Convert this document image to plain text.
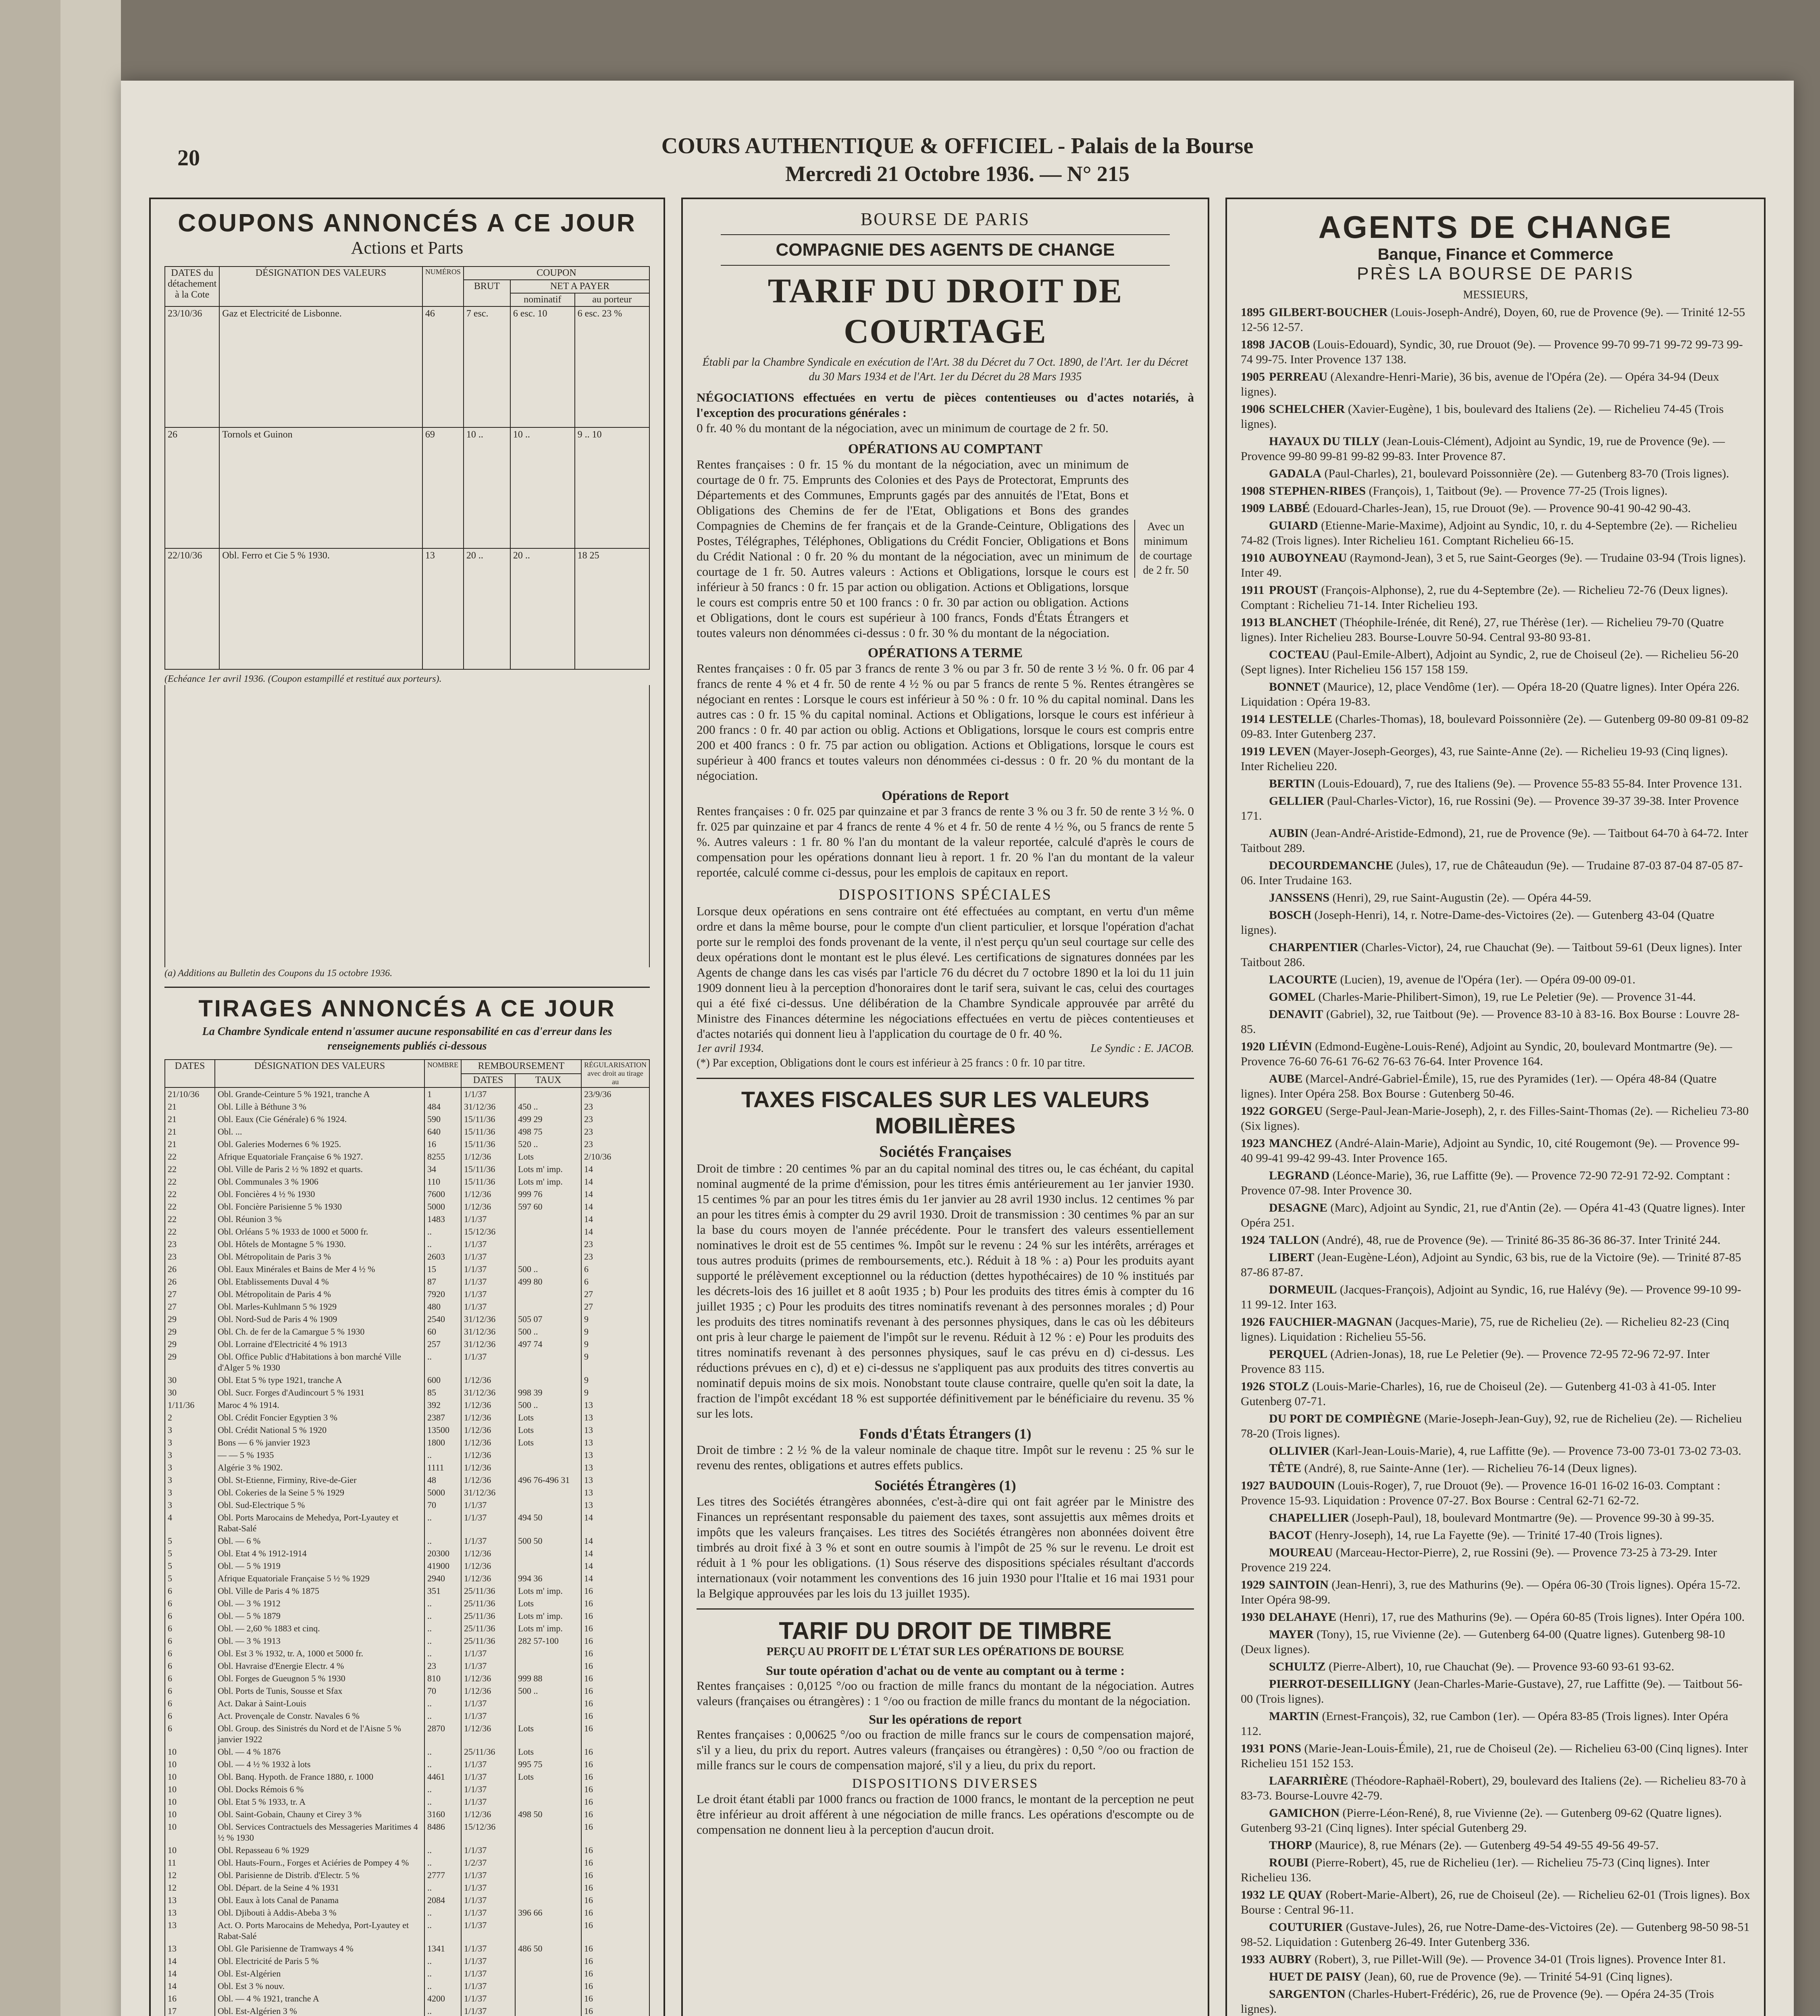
20	COURS AUTHENTIQUE & OFFICIEL - Palais de la Bourse
Mercredi 21 Octobre 1936. — N° 215
COUPONS ANNONCÉS A CE JOUR
Actions et Parts
DATES du détachement à la Cote	DÉSIGNATION DES VALEURS	NUMÉROS	COUPON		
			BRUT	NET A PAYER	
				nominatif	au porteur
23/10/36	Gaz et Electricité de Lisbonne.	46	7 esc.	6 esc. 10	6 esc. 23 %
26	Tornols et Guinon	69	10 ..	10 ..	9 .. 10
22/10/36	Obl. Ferro et Cie 5 % 1930.	13	20 ..	20 ..	18 25
(Echéance 1er avril 1936. (Coupon estampillé et restitué aux porteurs).
(a) Additions au Bulletin des Coupons du 15 octobre 1936.
TIRAGES ANNONCÉS A CE JOUR
La Chambre Syndicale entend n'assumer aucune responsabilité en cas d'erreur dans les renseignements publiés ci-dessous
DATES	DÉSIGNATION DES VALEURS	NOMBRE	REMBOURSEMENT		RÉGULARISATION avec droit au tirage au
			DATES	TAUX	
21/10/36	Obl. Grande-Ceinture 5 % 1921, tranche A	1	1/1/37		23/9/36
21	Obl. Lille à Béthune 3 %	484	31/12/36	450 ..	23
21	Obl. Eaux (Cie Générale) 6 % 1924.	590	15/11/36	499 29	23
21	Obl. ...	640	15/11/36	498 75	23
21	Obl. Galeries Modernes 6 % 1925.	16	15/11/36	520 ..	23
22	Afrique Equatoriale Française 6 % 1927.	8255	1/12/36	Lots	2/10/36
22	Obl. Ville de Paris 2 ½ % 1892 et quarts.	34	15/11/36	Lots m' imp.	14
22	Obl. Communales 3 % 1906	110	15/11/36	Lots m' imp.	14
22	Obl. Foncières 4 ½ % 1930	7600	1/12/36	999 76	14
22	Obl. Foncière Parisienne 5 % 1930	5000	1/12/36	597 60	14
22	Obl. Réunion 3 %	1483	1/1/37		14
22	Obl. Orléans 5 % 1933 de 1000 et 5000 fr.	..	15/12/36		14
23	Obl. Hôtels de Montagne 5 % 1930.	..	1/1/37		23
23	Obl. Métropolitain de Paris 3 %	2603	1/1/37		23
26	Obl. Eaux Minérales et Bains de Mer 4 ½ %	15	1/1/37	500 ..	6
26	Obl. Etablissements Duval 4 %	87	1/1/37	499 80	6
27	Obl. Métropolitain de Paris 4 %	7920	1/1/37		27
27	Obl. Marles-Kuhlmann 5 % 1929	480	1/1/37		27
29	Obl. Nord-Sud de Paris 4 % 1909	2540	31/12/36	505 07	9
29	Obl. Ch. de fer de la Camargue 5 % 1930	60	31/12/36	500 ..	9
29	Obl. Lorraine d'Electricité 4 % 1913	257	31/12/36	497 74	9
29	Obl. Office Public d'Habitations à bon marché Ville d'Alger 5 % 1930	..	1/1/37		9
30	Obl. Etat 5 % type 1921, tranche A	600	1/12/36		9
30	Obl. Sucr. Forges d'Audincourt 5 % 1931	85	31/12/36	998 39	9
1/11/36	Maroc 4 % 1914.	392	1/12/36	500 ..	13
2	Obl. Crédit Foncier Egyptien 3 %	2387	1/12/36	Lots	13
3	Obl. Crédit National 5 % 1920	13500	1/12/36	Lots	13
3	Bons — 6 % janvier 1923	1800	1/12/36	Lots	13
3	— — 5 % 1935	..	1/12/36		13
3	Algérie 3 % 1902.	1111	1/12/36		13
3	Obl. St-Etienne, Firminy, Rive-de-Gier	48	1/12/36	496 76-496 31	13
3	Obl. Cokeries de la Seine 5 % 1929	5000	31/12/36		13
3	Obl. Sud-Electrique 5 %	70	1/1/37		13
4	Obl. Ports Marocains de Mehedya, Port-Lyautey et Rabat-Salé	..	1/1/37	494 50	14
5	Obl. — 6 %	..	1/1/37	500 50	14
5	Obl. Etat 4 % 1912-1914	20300	1/12/36		14
5	Obl. — 5 % 1919	41900	1/12/36		14
5	Afrique Equatoriale Française 5 ½ % 1929	2940	1/12/36	994 36	14
6	Obl. Ville de Paris 4 % 1875	351	25/11/36	Lots m' imp.	16
6	Obl. — 3 % 1912	..	25/11/36	Lots	16
6	Obl. — 5 % 1879	..	25/11/36	Lots m' imp.	16
6	Obl. — 2,60 % 1883 et cinq.	..	25/11/36	Lots m' imp.	16
6	Obl. — 3 % 1913	..	25/11/36	282 57-100	16
6	Obl. Est 3 % 1932, tr. A, 1000 et 5000 fr.	..	1/1/37		16
6	Obl. Havraise d'Energie Electr. 4 %	23	1/1/37		16
6	Obl. Forges de Gueugnon 5 % 1930	810	1/12/36	999 88	16
6	Obl. Ports de Tunis, Sousse et Sfax	70	1/12/36	500 ..	16
6	Act. Dakar à Saint-Louis	..	1/1/37		16
6	Act. Provençale de Constr. Navales 6 %	..	1/1/37		16
6	Obl. Group. des Sinistrés du Nord et de l'Aisne 5 % janvier 1922	2870	1/12/36	Lots	16
10	Obl. — 4 % 1876	..	25/11/36	Lots	16
10	Obl. — 4 ½ % 1932 à lots	..	1/1/37	995 75	16
10	Obl. Banq. Hypoth. de France 1880, r. 1000	4461	1/1/37	Lots	16
10	Obl. Docks Rémois 6 %	..	1/1/37		16
10	Obl. Etat 5 % 1933, tr. A	..	1/1/37		16
10	Obl. Saint-Gobain, Chauny et Cirey 3 %	3160	1/12/36	498 50	16
10	Obl. Services Contractuels des Messageries Maritimes 4 ½ % 1930	8486	15/12/36		16
10	Obl. Repasseau 6 % 1929	..	1/1/37		16
11	Obl. Hauts-Fourn., Forges et Aciéries de Pompey 4 %	..	1/2/37		16
12	Obl. Parisienne de Distrib. d'Electr. 5 %	2777	1/1/37		16
12	Obl. Départ. de la Seine 4 % 1931	..	1/1/37		16
13	Obl. Eaux à lots Canal de Panama	2084	1/1/37		16
13	Obl. Djibouti à Addis-Abeba 3 %	..	1/1/37	396 66	16
13	Act. O. Ports Marocains de Mehedya, Port-Lyautey et Rabat-Salé	..	1/1/37		16
13	Obl. Gle Parisienne de Tramways 4 %	1341	1/1/37	486 50	16
14	Obl. Electricité de Paris 5 %	..	1/1/37		16
14	Obl. Est-Algérien	..	1/1/37		16
14	Obl. Est 3 % nouv.	..	1/1/37		16
16	Obl. — 4 % 1921, tranche A	4200	1/1/37		16
17	Obl. Est-Algérien 3 %	..	1/1/37		16

BOURSE DE PARIS
COMPAGNIE DES AGENTS DE CHANGE
TARIF DU DROIT DE COURTAGE
Établi par la Chambre Syndicale en exécution de l'Art. 38 du Décret du 7 Oct. 1890, de l'Art. 1er du Décret du 30 Mars 1934 et de l'Art. 1er du Décret du 28 Mars 1935
NÉGOCIATIONS effectuées en vertu de pièces contentieuses ou d'actes notariés, à l'exception des procurations générales :
0 fr. 40 % du montant de la négociation, avec un minimum de courtage de 2 fr. 50.
OPÉRATIONS AU COMPTANT
Rentes françaises : 0 fr. 15 % du montant de la négociation, avec un minimum de courtage de 0 fr. 75. Emprunts des Colonies et des Pays de Protectorat, Emprunts des Départements et des Communes, Emprunts gagés par des annuités de l'Etat, Bons et Obligations des Chemins de fer de l'Etat, Obligations et Bons des grandes Compagnies de Chemins de fer français et de la Grande-Ceinture, Obligations des Postes, Télégraphes, Téléphones, Obligations du Crédit Foncier, Obligations et Bons du Crédit National : 0 fr. 20 % du montant de la négociation, avec un minimum de courtage de 1 fr. 50. Autres valeurs : Actions et Obligations, lorsque le cours est inférieur à 50 francs : 0 fr. 15 par action ou obligation. Actions et Obligations, lorsque le cours est compris entre 50 et 100 francs : 0 fr. 30 par action ou obligation. Actions et Obligations, dont le cours est supérieur à 100 francs, Fonds d'États Étrangers et toutes valeurs non dénommées ci-dessus : 0 fr. 30 % du montant de la négociation.
Avec un minimum de courtage de 2 fr. 50
OPÉRATIONS A TERME
Rentes françaises : 0 fr. 05 par 3 francs de rente 3 % ou par 3 fr. 50 de rente 3 ½ %. 0 fr. 06 par 4 francs de rente 4 % et 4 fr. 50 de rente 4 ½ % ou par 5 francs de rente 5 %. Rentes étrangères se négociant en rentes : Lorsque le cours est inférieur à 50 % : 0 fr. 10 % du capital nominal. Dans les autres cas : 0 fr. 15 % du capital nominal. Actions et Obligations, lorsque le cours est inférieur à 200 francs : 0 fr. 40 par action ou oblig. Actions et Obligations, lorsque le cours est compris entre 200 et 400 francs : 0 fr. 75 par action ou obligation. Actions et Obligations, lorsque le cours est supérieur à 400 francs et toutes valeurs non dénommées ci-dessus : 0 fr. 20 % du montant de la négociation.
Opérations de Report
Rentes françaises : 0 fr. 025 par quinzaine et par 3 francs de rente 3 % ou 3 fr. 50 de rente 3 ½ %. 0 fr. 025 par quinzaine et par 4 francs de rente 4 % et 4 fr. 50 de rente 4 ½ %, ou 5 francs de rente 5 %. Autres valeurs : 1 fr. 80 % l'an du montant de la valeur reportée, calculé d'après le cours de compensation pour les opérations donnant lieu à report. 1 fr. 20 % l'an du montant de la valeur reportée, calculé comme ci-dessus, pour les emplois de capitaux en report.
DISPOSITIONS SPÉCIALES
Lorsque deux opérations en sens contraire ont été effectuées au comptant, en vertu d'un même ordre et dans la même bourse, pour le compte d'un client particulier, et lorsque l'opération d'achat porte sur le remploi des fonds provenant de la vente, il n'est perçu qu'un seul courtage sur celle des deux opérations dont le montant est le plus élevé. Les certifications de signatures données par les Agents de change dans les cas visés par l'article 76 du décret du 7 octobre 1890 et la loi du 11 juin 1909 donnent lieu à la perception d'honoraires dont le tarif sera, suivant le cas, celui des courtages qui a été fixé ci-dessus. Une délibération de la Chambre Syndicale approuvée par arrêté du Ministre des Finances détermine les négociations effectuées en vertu de pièces contentieuses et d'actes notariés qui donnent lieu à l'application du courtage de 0 fr. 40 %.
1er avril 1934.	Le Syndic : E. JACOB.
(*) Par exception, Obligations dont le cours est inférieur à 25 francs : 0 fr. 10 par titre.
TAXES FISCALES SUR LES VALEURS MOBILIÈRES
Sociétés Françaises
Droit de timbre : 20 centimes % par an du capital nominal des titres ou, le cas échéant, du capital nominal augmenté de la prime d'émission, pour les titres émis antérieurement au 1er janvier 1930. 15 centimes % par an pour les titres émis du 1er janvier au 28 avril 1930 inclus. 12 centimes % par an pour les titres émis à compter du 29 avril 1930. Droit de transmission : 30 centimes % par an sur la base du cours moyen de l'année précédente. Pour le transfert des valeurs essentiellement nominatives le droit est de 55 centimes %. Impôt sur le revenu : 24 % sur les intérêts, arrérages et tous autres produits (primes de remboursements, etc.). Réduit à 18 % : a) Pour les produits ayant supporté le prélèvement exceptionnel ou la réduction (dettes hypothécaires) de 10 % institués par les décrets-lois des 16 juillet et 8 août 1935 ; b) Pour les produits des titres émis à compter du 16 juillet 1935 ; c) Pour les produits des titres nominatifs revenant à des personnes morales ; d) Pour les produits des titres nominatifs revenant à des personnes physiques, dans le cas où les débiteurs ont pris à leur charge le paiement de l'impôt sur le revenu. Réduit à 12 % : e) Pour les produits des titres nominatifs revenant à des personnes physiques, sauf le cas prévu en d) ci-dessus. Les réductions prévues en c), d) et e) ci-dessus ne s'appliquent pas aux produits des titres convertis au nominatif depuis moins de six mois. Nonobstant toute clause contraire, quelle qu'en soit la date, la fraction de l'impôt excédant 18 % est supportée définitivement par le bénéficiaire du revenu. 35 % sur les lots.
Fonds d'États Étrangers (1)
Droit de timbre : 2 ½ % de la valeur nominale de chaque titre. Impôt sur le revenu : 25 % sur le revenu des rentes, obligations et autres effets publics.
Sociétés Étrangères (1)
Les titres des Sociétés étrangères abonnées, c'est-à-dire qui ont fait agréer par le Ministre des Finances un représentant responsable du paiement des taxes, sont assujettis aux mêmes droits et impôts que les valeurs françaises. Les titres des Sociétés étrangères non abonnées doivent être timbrés au droit fixé à 3 % et sont en outre soumis à l'impôt de 25 % sur le revenu. Le droit est réduit à 1 % pour les obligations. (1) Sous réserve des dispositions spéciales résultant d'accords internationaux (voir notamment les conventions des 16 juin 1930 pour l'Italie et 16 mai 1931 pour la Belgique approuvées par les lois du 13 juillet 1935).
TARIF DU DROIT DE TIMBRE
PERÇU AU PROFIT DE L'ÉTAT SUR LES OPÉRATIONS DE BOURSE
Sur toute opération d'achat ou de vente au comptant ou à terme :
Rentes françaises : 0,0125 °/oo ou fraction de mille francs du montant de la négociation. Autres valeurs (françaises ou étrangères) : 1 °/oo ou fraction de mille francs du montant de la négociation.
Sur les opérations de report
Rentes françaises : 0,00625 °/oo ou fraction de mille francs sur le cours de compensation majoré, s'il y a lieu, du prix du report. Autres valeurs (françaises ou étrangères) : 0,50 °/oo ou fraction de mille francs sur le cours de compensation majoré, s'il y a lieu, du prix du report.
DISPOSITIONS DIVERSES
Le droit étant établi par 1000 francs ou fraction de 1000 francs, le montant de la perception ne peut être inférieur au droit afférent à une négociation de mille francs. Les opérations d'escompte ou de compensation ne donnent lieu à la perception d'aucun droit.
AGENTS DE CHANGE
Banque, Finance et Commerce
PRÈS LA BOURSE DE PARIS
MESSIEURS,
1895 GILBERT-BOUCHER (Louis-Joseph-André), Doyen, 60, rue de Provence (9e). — Trinité 12-55 12-56 12-57.
1898 JACOB (Louis-Edouard), Syndic, 30, rue Drouot (9e). — Provence 99-70 99-71 99-72 99-73 99-74 99-75. Inter Provence 137 138.
1905 PERREAU (Alexandre-Henri-Marie), 36 bis, avenue de l'Opéra (2e). — Opéra 34-94 (Deux lignes).
1906 SCHELCHER (Xavier-Eugène), 1 bis, boulevard des Italiens (2e). — Richelieu 74-45 (Trois lignes).
HAYAUX DU TILLY (Jean-Louis-Clément), Adjoint au Syndic, 19, rue de Provence (9e). — Provence 99-80 99-81 99-82 99-83. Inter Provence 87.
GADALA (Paul-Charles), 21, boulevard Poissonnière (2e). — Gutenberg 83-70 (Trois lignes).
1908 STEPHEN-RIBES (François), 1, Taitbout (9e). — Provence 77-25 (Trois lignes).
1909 LABBÉ (Edouard-Charles-Jean), 15, rue Drouot (9e). — Provence 90-41 90-42 90-43.
GUIARD (Etienne-Marie-Maxime), Adjoint au Syndic, 10, r. du 4-Septembre (2e). — Richelieu 74-82 (Trois lignes). Inter Richelieu 161. Comptant Richelieu 66-15.
1910 AUBOYNEAU (Raymond-Jean), 3 et 5, rue Saint-Georges (9e). — Trudaine 03-94 (Trois lignes). Inter 49.
1911 PROUST (François-Alphonse), 2, rue du 4-Septembre (2e). — Richelieu 72-76 (Deux lignes). Comptant : Richelieu 71-14. Inter Richelieu 193.
1913 BLANCHET (Théophile-Irénée, dit René), 27, rue Thérèse (1er). — Richelieu 79-70 (Quatre lignes). Inter Richelieu 283. Bourse-Louvre 50-94. Central 93-80 93-81.
COCTEAU (Paul-Emile-Albert), Adjoint au Syndic, 2, rue de Choiseul (2e). — Richelieu 56-20 (Sept lignes). Inter Richelieu 156 157 158 159.
BONNET (Maurice), 12, place Vendôme (1er). — Opéra 18-20 (Quatre lignes). Inter Opéra 226. Liquidation : Opéra 19-83.
1914 LESTELLE (Charles-Thomas), 18, boulevard Poissonnière (2e). — Gutenberg 09-80 09-81 09-82 09-83. Inter Gutenberg 237.
1919 LEVEN (Mayer-Joseph-Georges), 43, rue Sainte-Anne (2e). — Richelieu 19-93 (Cinq lignes). Inter Richelieu 220.
BERTIN (Louis-Edouard), 7, rue des Italiens (9e). — Provence 55-83 55-84. Inter Provence 131.
GELLIER (Paul-Charles-Victor), 16, rue Rossini (9e). — Provence 39-37 39-38. Inter Provence 171.
AUBIN (Jean-André-Aristide-Edmond), 21, rue de Provence (9e). — Taitbout 64-70 à 64-72. Inter Taitbout 289.
DECOURDEMANCHE (Jules), 17, rue de Châteaudun (9e). — Trudaine 87-03 87-04 87-05 87-06. Inter Trudaine 163.
JANSSENS (Henri), 29, rue Saint-Augustin (2e). — Opéra 44-59.
BOSCH (Joseph-Henri), 14, r. Notre-Dame-des-Victoires (2e). — Gutenberg 43-04 (Quatre lignes).
CHARPENTIER (Charles-Victor), 24, rue Chauchat (9e). — Taitbout 59-61 (Deux lignes). Inter Taitbout 286.
LACOURTE (Lucien), 19, avenue de l'Opéra (1er). — Opéra 09-00 09-01.
GOMEL (Charles-Marie-Philibert-Simon), 19, rue Le Peletier (9e). — Provence 31-44.
DENAVIT (Gabriel), 32, rue Taitbout (9e). — Provence 83-10 à 83-16. Box Bourse : Louvre 28-85.
1920 LIÉVIN (Edmond-Eugène-Louis-René), Adjoint au Syndic, 20, boulevard Montmartre (9e). — Provence 76-60 76-61 76-62 76-63 76-64. Inter Provence 164.
AUBE (Marcel-André-Gabriel-Émile), 15, rue des Pyramides (1er). — Opéra 48-84 (Quatre lignes). Inter Opéra 258. Box Bourse : Gutenberg 50-46.
1922 GORGEU (Serge-Paul-Jean-Marie-Joseph), 2, r. des Filles-Saint-Thomas (2e). — Richelieu 73-80 (Six lignes).
1923 MANCHEZ (André-Alain-Marie), Adjoint au Syndic, 10, cité Rougemont (9e). — Provence 99-40 99-41 99-42 99-43. Inter Provence 165.
LEGRAND (Léonce-Marie), 36, rue Laffitte (9e). — Provence 72-90 72-91 72-92. Comptant : Provence 07-98. Inter Provence 30.
DESAGNE (Marc), Adjoint au Syndic, 21, rue d'Antin (2e). — Opéra 41-43 (Quatre lignes). Inter Opéra 251.
1924 TALLON (André), 48, rue de Provence (9e). — Trinité 86-35 86-36 86-37. Inter Trinité 244.
LIBERT (Jean-Eugène-Léon), Adjoint au Syndic, 63 bis, rue de la Victoire (9e). — Trinité 87-85 87-86 87-87.
DORMEUIL (Jacques-François), Adjoint au Syndic, 16, rue Halévy (9e). — Provence 99-10 99-11 99-12. Inter 163.
1926 FAUCHIER-MAGNAN (Jacques-Marie), 75, rue de Richelieu (2e). — Richelieu 82-23 (Cinq lignes). Liquidation : Richelieu 55-56.
PERQUEL (Adrien-Jonas), 18, rue Le Peletier (9e). — Provence 72-95 72-96 72-97. Inter Provence 83 115.
1926 STOLZ (Louis-Marie-Charles), 16, rue de Choiseul (2e). — Gutenberg 41-03 à 41-05. Inter Gutenberg 07-71.
DU PORT DE COMPIÈGNE (Marie-Joseph-Jean-Guy), 92, rue de Richelieu (2e). — Richelieu 78-20 (Trois lignes).
OLLIVIER (Karl-Jean-Louis-Marie), 4, rue Laffitte (9e). — Provence 73-00 73-01 73-02 73-03.
TÊTE (André), 8, rue Sainte-Anne (1er). — Richelieu 76-14 (Deux lignes).
1927 BAUDOUIN (Louis-Roger), 7, rue Drouot (9e). — Provence 16-01 16-02 16-03. Comptant : Provence 15-93. Liquidation : Provence 07-27. Box Bourse : Central 62-71 62-72.
CHAPELLIER (Joseph-Paul), 18, boulevard Montmartre (9e). — Provence 99-30 à 99-35.
BACOT (Henry-Joseph), 14, rue La Fayette (9e). — Trinité 17-40 (Trois lignes).
MOUREAU (Marceau-Hector-Pierre), 2, rue Rossini (9e). — Provence 73-25 à 73-29. Inter Provence 219 224.
1929 SAINTOIN (Jean-Henri), 3, rue des Mathurins (9e). — Opéra 06-30 (Trois lignes). Opéra 15-72. Inter Opéra 98-99.
1930 DELAHAYE (Henri), 17, rue des Mathurins (9e). — Opéra 60-85 (Trois lignes). Inter Opéra 100.
MAYER (Tony), 15, rue Vivienne (2e). — Gutenberg 64-00 (Quatre lignes). Gutenberg 98-10 (Deux lignes).
SCHULTZ (Pierre-Albert), 10, rue Chauchat (9e). — Provence 93-60 93-61 93-62.
PIERROT-DESEILLIGNY (Jean-Charles-Marie-Gustave), 27, rue Laffitte (9e). — Taitbout 56-00 (Trois lignes).
MARTIN (Ernest-François), 32, rue Cambon (1er). — Opéra 83-85 (Trois lignes). Inter Opéra 112.
1931 PONS (Marie-Jean-Louis-Émile), 21, rue de Choiseul (2e). — Richelieu 63-00 (Cinq lignes). Inter Richelieu 151 152 153.
LAFARRIÈRE (Théodore-Raphaël-Robert), 29, boulevard des Italiens (2e). — Richelieu 83-70 à 83-73. Bourse-Louvre 42-79.
GAMICHON (Pierre-Léon-René), 8, rue Vivienne (2e). — Gutenberg 09-62 (Quatre lignes). Gutenberg 93-21 (Cinq lignes). Inter spécial Gutenberg 29.
THORP (Maurice), 8, rue Ménars (2e). — Gutenberg 49-54 49-55 49-56 49-57.
ROUBI (Pierre-Robert), 45, rue de Richelieu (1er). — Richelieu 75-73 (Cinq lignes). Inter Richelieu 136.
1932 LE QUAY (Robert-Marie-Albert), 26, rue de Choiseul (2e). — Richelieu 62-01 (Trois lignes). Box Bourse : Central 96-11.
COUTURIER (Gustave-Jules), 26, rue Notre-Dame-des-Victoires (2e). — Gutenberg 98-50 98-51 98-52. Liquidation : Gutenberg 26-49. Inter Gutenberg 336.
1933 AUBRY (Robert), 3, rue Pillet-Will (9e). — Provence 34-01 (Trois lignes). Provence Inter 81.
HUET DE PAISY (Jean), 60, rue de Provence (9e). — Trinité 54-91 (Cinq lignes).
SARGENTON (Charles-Hubert-Frédéric), 26, rue de Provence (9e). — Opéra 24-35 (Trois lignes).
